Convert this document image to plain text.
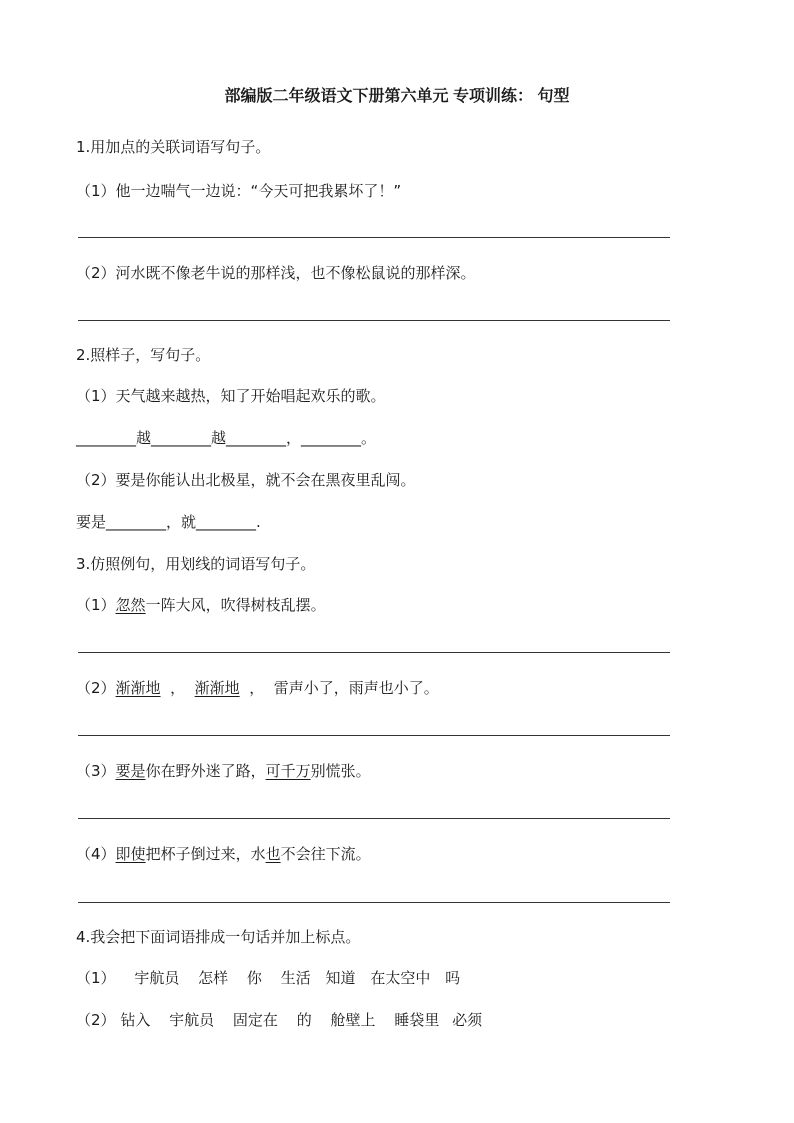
部编版二年级语文下册第六单元 专项训练： 句型
1.用加点的关联词语写句子。
（1）他一边喘气一边说：“今天可把我累坏了！”
（2）河水既不像老牛说的那样浅，也不像松鼠说的那样深。
2.照样子，写句子。
（1）天气越来越热，知了开始唱起欢乐的歌。
________越________越________，________。
（2）要是你能认出北极星，就不会在黑夜里乱闯。
要是________，就________.
3.仿照例句，用划线的词语写句子。
（1）忽然一阵大风，吹得树枝乱摆。
（2）渐渐地  ，  渐渐地  ，  雷声小了，雨声也小了。
（3）要是你在野外迷了路，可千万别慌张。
（4）即使把杯子倒过来，水也不会往下流。
4.我会把下面词语排成一句话并加上标点。
（1） 宇航员 怎样 你 生活 知道 在太空中 吗
（2） 钻入 宇航员 固定在 的 舱壁上 睡袋里 必须
